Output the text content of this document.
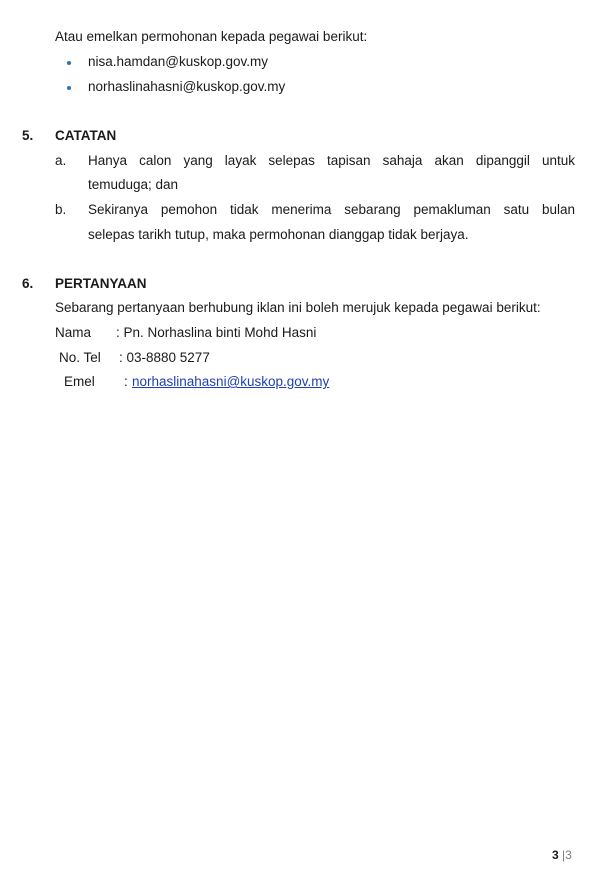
Atau emelkan permohonan kepada pegawai berikut:
nisa.hamdan@kuskop.gov.my
norhaslinahasni@kuskop.gov.my
5. CATATAN
a. Hanya calon yang layak selepas tapisan sahaja akan dipanggil untuk
temuduga; dan
b. Sekiranya pemohon tidak menerima sebarang pemakluman satu bulan
selepas tarikh tutup, maka permohonan dianggap tidak berjaya.
6. PERTANYAAN
Sebarang pertanyaan berhubung iklan ini boleh merujuk kepada pegawai berikut:
Nama : Pn. Norhaslina binti Mohd Hasni
No. Tel : 03-8880 5277
Emel : norhaslinahasni@kuskop.gov.my
3 |3
